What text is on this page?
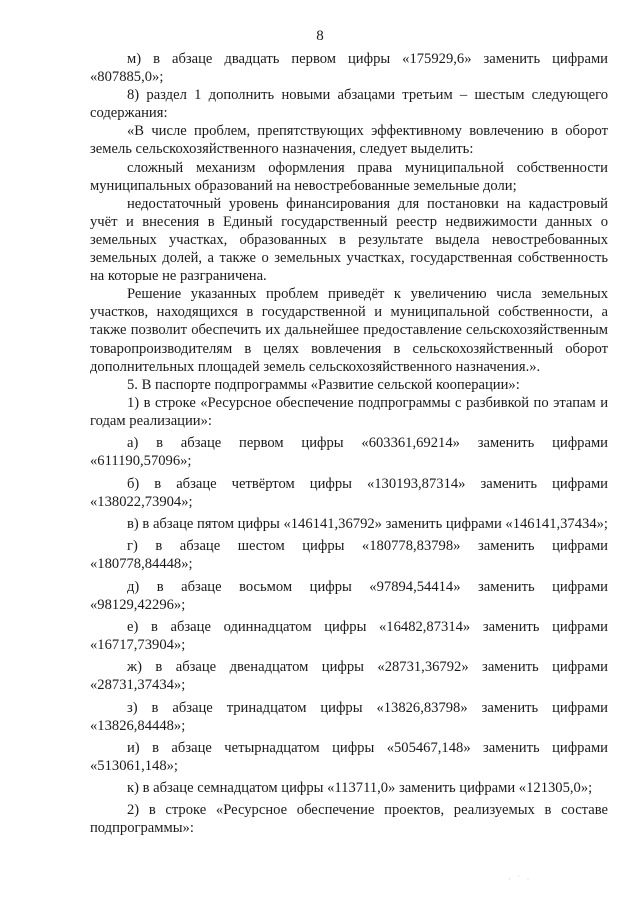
8

м) в абзаце двадцать первом цифры «175929,6» заменить цифрами «807885,0»;

8) раздел 1 дополнить новыми абзацами третьим – шестым следующего содержания:

«В числе проблем, препятствующих эффективному вовлечению в оборот земель сельскохозяйственного назначения, следует выделить:

сложный механизм оформления права муниципальной собственности муниципальных образований на невостребованные земельные доли;

недостаточный уровень финансирования для постановки на кадастровый учёт и внесения в Единый государственный реестр недвижимости данных о земельных участках, образованных в результате выдела невостребованных земельных долей, а также о земельных участках, государственная собственность на которые не разграничена.

Решение указанных проблем приведёт к увеличению числа земельных участков, находящихся в государственной и муниципальной собственности, а также позволит обеспечить их дальнейшее предоставление сельскохозяйственным товаропроизводителям в целях вовлечения в сельскохозяйственный оборот дополнительных площадей земель сельскохозяйственного назначения.».

5. В паспорте подпрограммы «Развитие сельской кооперации»:

1) в строке «Ресурсное обеспечение подпрограммы с разбивкой по этапам и годам реализации»:

а) в абзаце первом цифры «603361,69214» заменить цифрами «611190,57096»;

б) в абзаце четвёртом цифры «130193,87314» заменить цифрами «138022,73904»;

в) в абзаце пятом цифры «146141,36792» заменить цифрами «146141,37434»;

г) в абзаце шестом цифры «180778,83798» заменить цифрами «180778,84448»;

д) в абзаце восьмом цифры «97894,54414» заменить цифрами «98129,42296»;

е) в абзаце одиннадцатом цифры «16482,87314» заменить цифрами «16717,73904»;

ж) в абзаце двенадцатом цифры «28731,36792» заменить цифрами «28731,37434»;

з) в абзаце тринадцатом цифры «13826,83798» заменить цифрами «13826,84448»;

и) в абзаце четырнадцатом цифры «505467,148» заменить цифрами «513061,148»;

к) в абзаце семнадцатом цифры «113711,0» заменить цифрами «121305,0»;

2) в строке «Ресурсное обеспечение проектов, реализуемых в составе подпрограммы»:

· ˙ ·
